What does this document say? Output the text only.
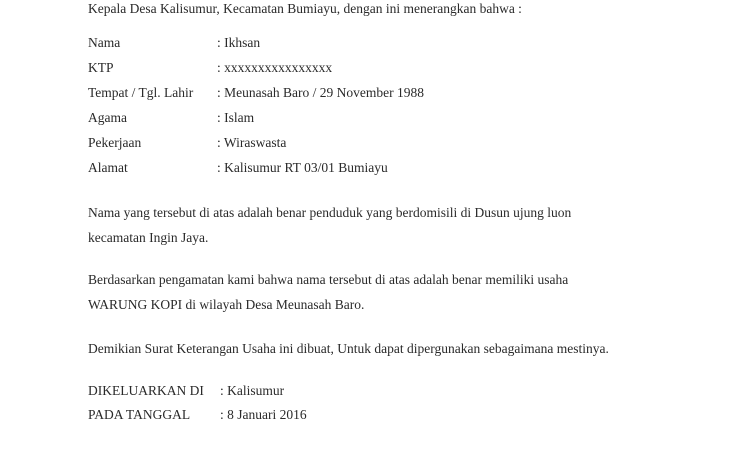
Kepala Desa Kalisumur, Kecamatan Bumiayu, dengan ini menerangkan bahwa :
Nama	: Ikhsan
KTP	: xxxxxxxxxxxxxxxx
Tempat / Tgl. Lahir : Meunasah Baro / 29 November 1988
Agama	: Islam
Pekerjaan	: Wiraswasta
Alamat	: Kalisumur RT 03/01 Bumiayu
Nama yang tersebut di atas adalah benar penduduk yang berdomisili di Dusun ujung luon
kecamatan Ingin Jaya.
Berdasarkan pengamatan kami bahwa nama tersebut di atas adalah benar memiliki usaha
WARUNG KOPI di wilayah Desa Meunasah Baro.
Demikian Surat Keterangan Usaha ini dibuat, Untuk dapat dipergunakan sebagaimana mestinya.
DIKELUARKAN DI : Kalisumur
PADA TANGGAL : 8 Januari 2016
